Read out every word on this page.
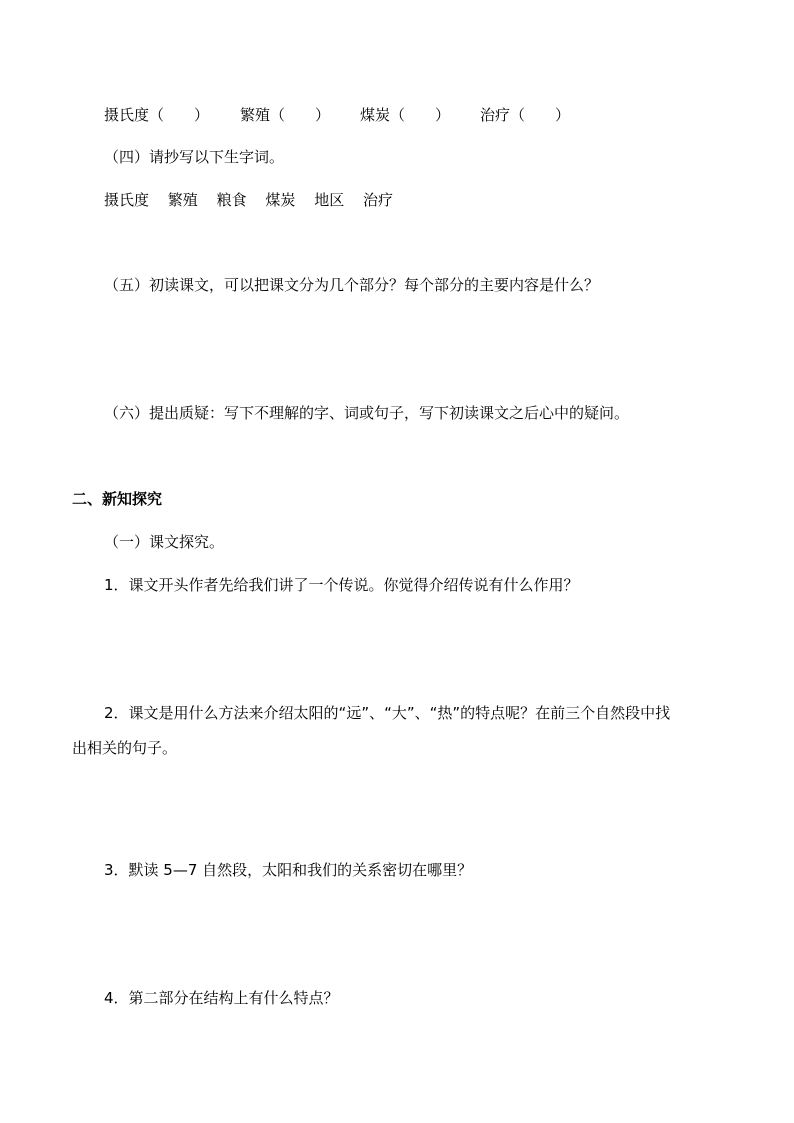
摄氏度（　　） 繁殖（　　） 煤炭（　　） 治疗（　　）
（四）请抄写以下生字词。
摄氏度 繁殖 粮食 煤炭 地区 治疗
（五）初读课文，可以把课文分为几个部分？每个部分的主要内容是什么？
（六）提出质疑：写下不理解的字、词或句子，写下初读课文之后心中的疑问。
二、新知探究
（一）课文探究。
1．课文开头作者先给我们讲了一个传说。你觉得介绍传说有什么作用？
2．课文是用什么方法来介绍太阳的“远”、“大”、“热”的特点呢？在前三个自然段中找
出相关的句子。
3．默读 5—7 自然段，太阳和我们的关系密切在哪里？
4．第二部分在结构上有什么特点？
